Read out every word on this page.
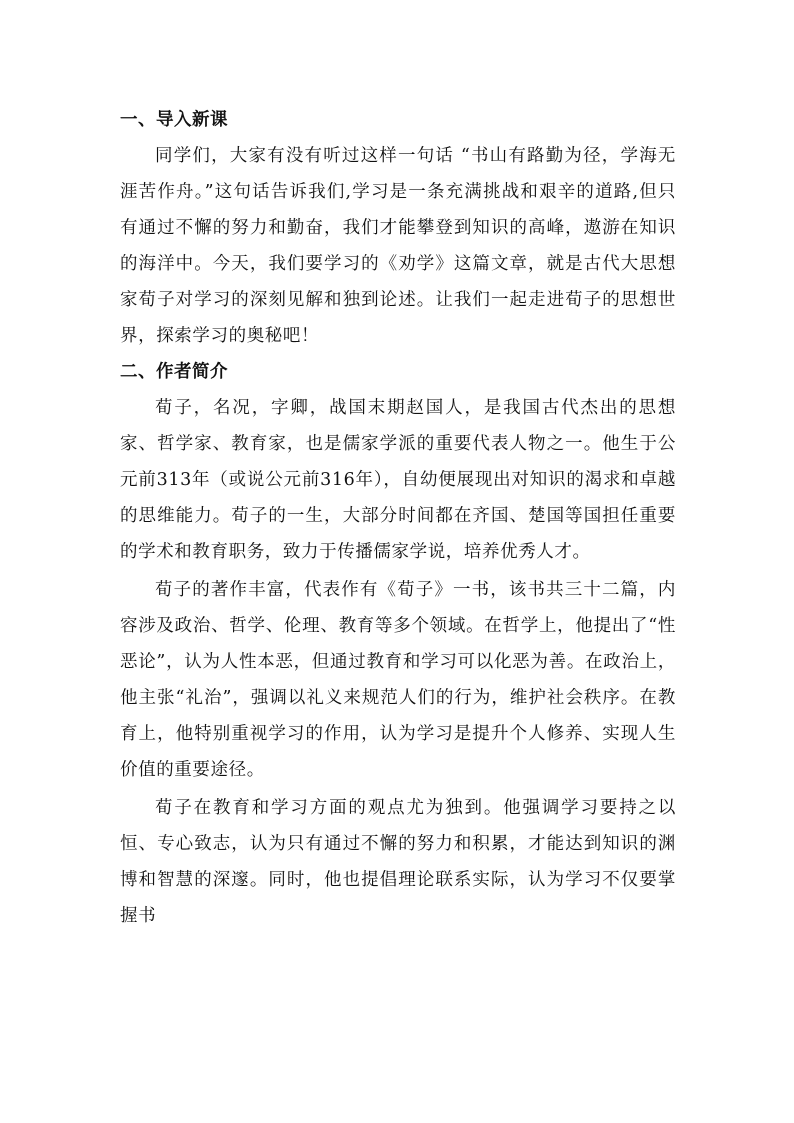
一、导入新课

同学们，大家有没有听过这样一句话 “书山有路勤为径，学海无涯苦作舟。”这句话告诉我们,学习是一条充满挑战和艰辛的道路,但只有通过不懈的努力和勤奋，我们才能攀登到知识的高峰，遨游在知识的海洋中。今天，我们要学习的《劝学》这篇文章，就是古代大思想家荀子对学习的深刻见解和独到论述。让我们一起走进荀子的思想世界，探索学习的奥秘吧！

二、作者简介

荀子，名况，字卿，战国末期赵国人，是我国古代杰出的思想家、哲学家、教育家，也是儒家学派的重要代表人物之一。他生于公元前313年（或说公元前316年），自幼便展现出对知识的渴求和卓越的思维能力。荀子的一生，大部分时间都在齐国、楚国等国担任重要的学术和教育职务，致力于传播儒家学说，培养优秀人才。

荀子的著作丰富，代表作有《荀子》一书，该书共三十二篇，内容涉及政治、哲学、伦理、教育等多个领域。在哲学上，他提出了“性恶论”，认为人性本恶，但通过教育和学习可以化恶为善。在政治上，他主张“礼治”，强调以礼义来规范人们的行为，维护社会秩序。在教育上，他特别重视学习的作用，认为学习是提升个人修养、实现人生价值的重要途径。

荀子在教育和学习方面的观点尤为独到。他强调学习要持之以恒、专心致志，认为只有通过不懈的努力和积累，才能达到知识的渊博和智慧的深邃。同时，他也提倡理论联系实际，认为学习不仅要掌握书
